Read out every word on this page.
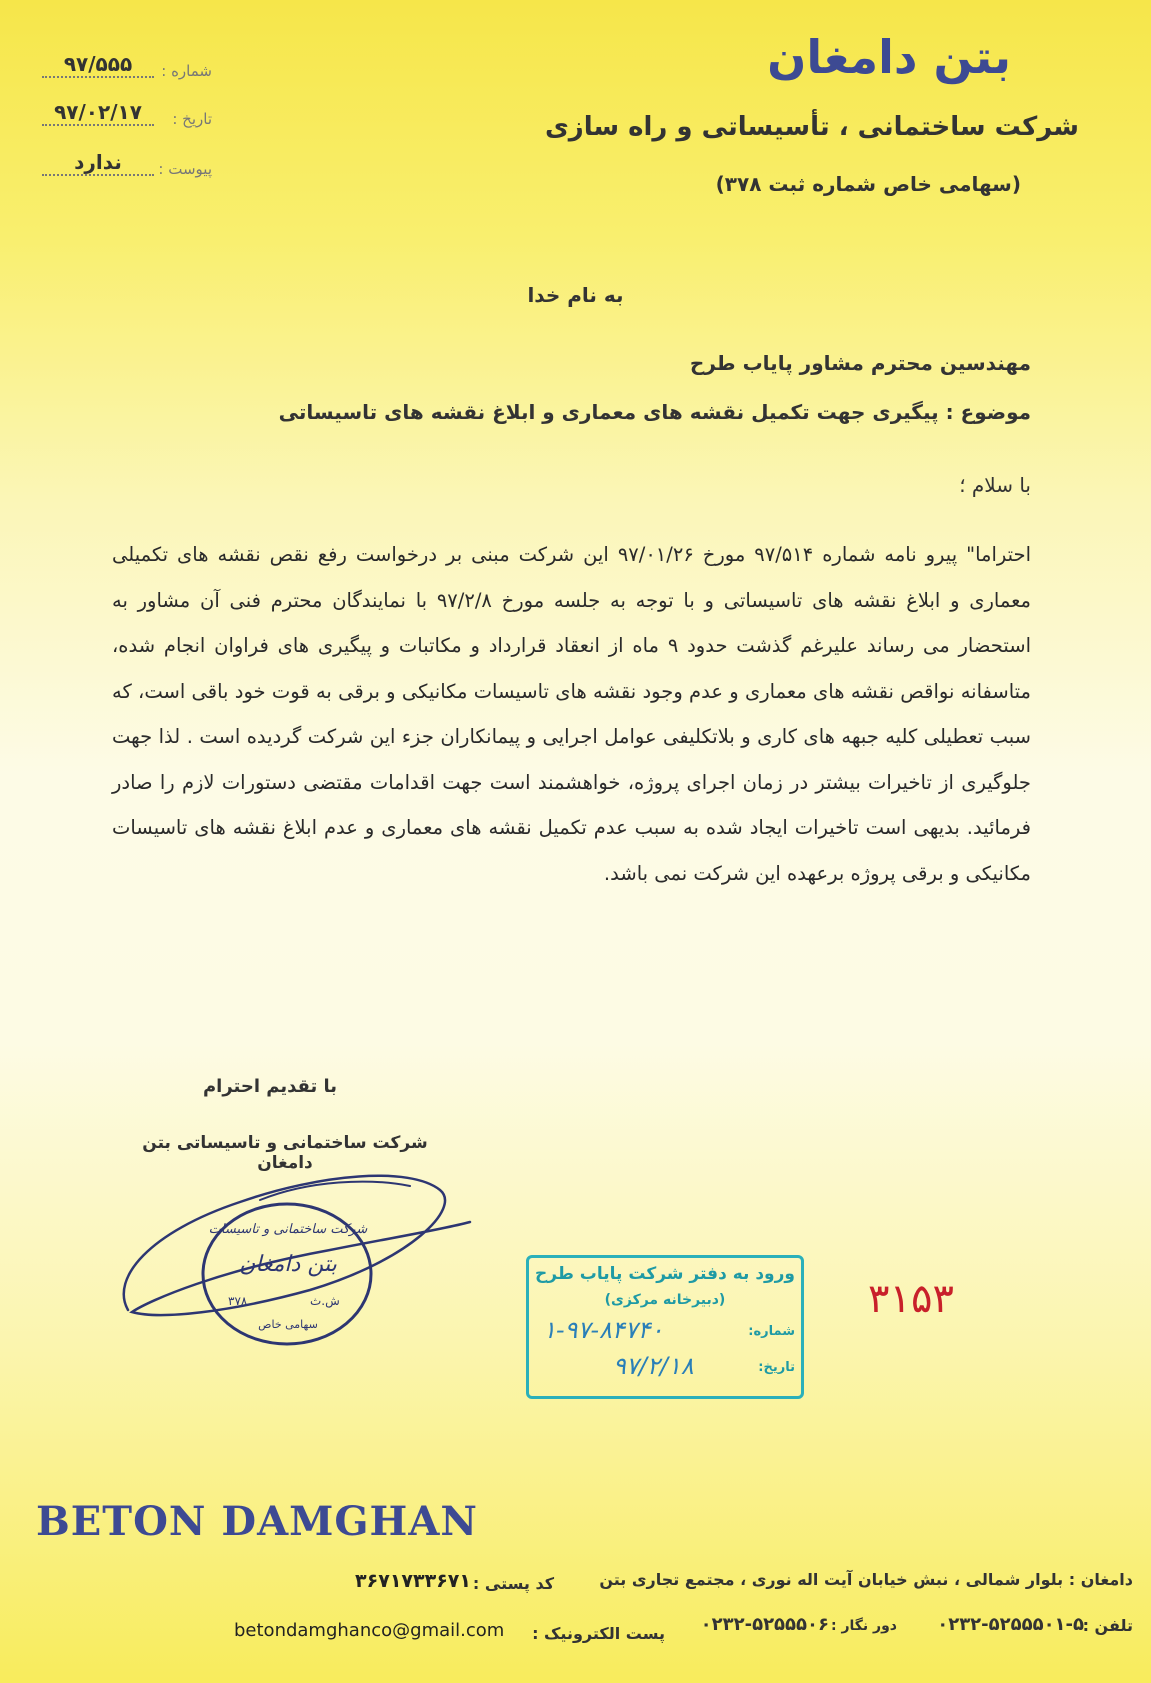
۹۷/۵۵۵	شماره :
۹۷/۰۲/۱۷	تاریخ :
ندارد	پیوست :
بتن دامغان
شرکت ساختمانی ، تأسیساتی و راه سازی
(سهامی خاص شماره ثبت ۳۷۸)
به نام خدا
مهندسین محترم مشاور پایاب طرح
موضوع : پیگیری جهت تکمیل نقشه های معماری و ابلاغ نقشه های تاسیساتی
با سلام ؛
احتراما" پیرو نامه شماره ۹۷/۵۱۴ مورخ ۹۷/۰۱/۲۶ این شرکت مبنی بر درخواست رفع نقص نقشه های تکمیلی معماری و ابلاغ نقشه های تاسیساتی و با توجه به جلسه مورخ ۹۷/۲/۸ با نمایندگان محترم فنی آن مشاور به استحضار می رساند علیرغم گذشت حدود ۹ ماه از انعقاد قرارداد و مکاتبات و پیگیری های فراوان انجام شده، متاسفانه نواقص نقشه های معماری و عدم وجود نقشه های تاسیسات مکانیکی و برقی به قوت خود باقی است، که سبب تعطیلی کلیه جبهه های کاری و بلاتکلیفی عوامل اجرایی و پیمانکاران جزء این شرکت گردیده است . لذا جهت جلوگیری از تاخیرات بیشتر در زمان اجرای پروژه، خواهشمند است جهت اقدامات مقتضی دستورات لازم را صادر فرمائید. بدیهی است تاخیرات ایجاد شده به سبب عدم تکمیل نقشه های معماری و عدم ابلاغ نقشه های تاسیسات مکانیکی و برقی پروژه برعهده این شرکت نمی باشد.
با تقدیم احترام
شرکت ساختمانی و تاسیساتی بتن دامغان
شرکت ساختمانی و تاسیسات
بتن دامغان
۳۷۸	ش.ث
سهامی خاص
ورود به دفتر شرکت پایاب طرح
(دبیرخانه مرکزی)
شماره:
۱-۹۷-۸۴۷۴۰
تاریخ:
۹۷/۲/۱۸
۳۱۵۳
BETON DAMGHAN
دامغان : بلوار شمالی ، نبش خیابان آیت اله نوری ، مجتمع تجاری بتن
کد پستی :
۳۶۷۱۷۳۳۶۷۱
تلفن :
۰۲۳۲-۵۲۵۵۵۰۱-۵
دور نگار :
۰۲۳۲-۵۲۵۵۵۰۶
پست الکترونیک :
betondamghanco@gmail.com
